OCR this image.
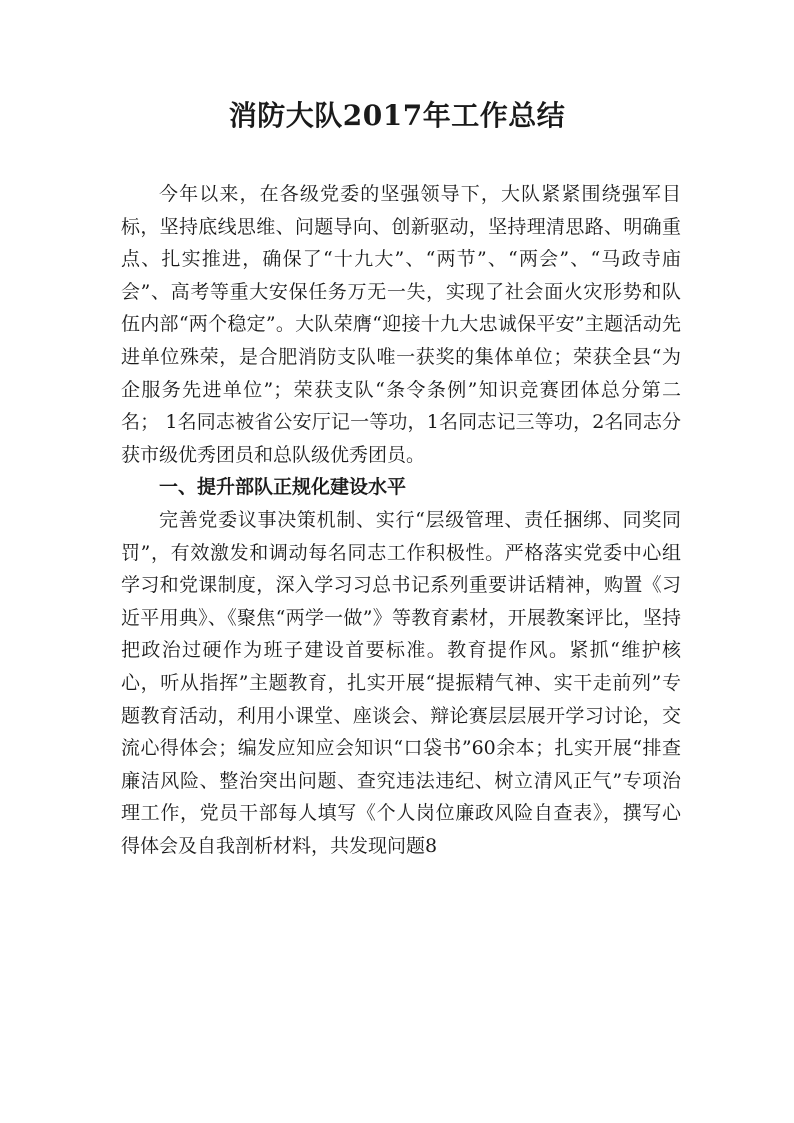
消防大队2017年工作总结

今年以来，在各级党委的坚强领导下，大队紧紧围绕强军目标，坚持底线思维、问题导向、创新驱动，坚持理清思路、明确重点、扎实推进，确保了“十九大”、“两节”、“两会”、“马政寺庙会”、高考等重大安保任务万无一失，实现了社会面火灾形势和队伍内部“两个稳定”。大队荣膺“迎接十九大忠诚保平安”主题活动先进单位殊荣，是合肥消防支队唯一获奖的集体单位；荣获全县“为企服务先进单位”；荣获支队“条令条例”知识竞赛团体总分第二名； 1名同志被省公安厅记一等功，1名同志记三等功，2名同志分获市级优秀团员和总队级优秀团员。

一、提升部队正规化建设水平

完善党委议事决策机制、实行“层级管理、责任捆绑、同奖同罚”，有效激发和调动每名同志工作积极性。严格落实党委中心组学习和党课制度，深入学习习总书记系列重要讲话精神，购置《习近平用典》、《聚焦“两学一做”》等教育素材，开展教案评比，坚持把政治过硬作为班子建设首要标准。教育提作风。紧抓“维护核心，听从指挥”主题教育，扎实开展“提振精气神、实干走前列”专题教育活动，利用小课堂、座谈会、辩论赛层层展开学习讨论，交流心得体会；编发应知应会知识“口袋书”60余本；扎实开展“排查廉洁风险、整治突出问题、查究违法违纪、树立清风正气”专项治理工作，党员干部每人填写《个人岗位廉政风险自查表》，撰写心得体会及自我剖析材料，共发现问题8
